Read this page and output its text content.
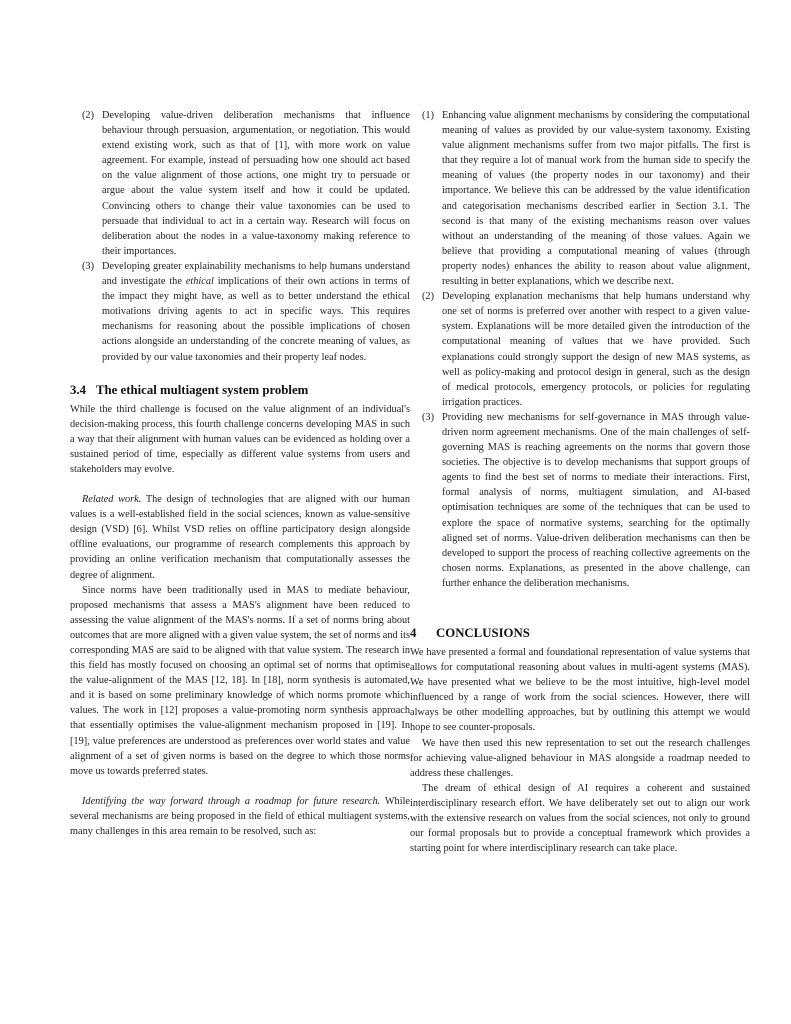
(2) Developing value-driven deliberation mechanisms that influence behaviour through persuasion, argumentation, or negotiation. This would extend existing work, such as that of [1], with more work on value agreement. For example, instead of persuading how one should act based on the value alignment of those actions, one might try to persuade or argue about the value system itself and how it could be updated. Convincing others to change their value taxonomies can be used to persuade that individual to act in a certain way. Research will focus on deliberation about the nodes in a value-taxonomy making reference to their importances.
(3) Developing greater explainability mechanisms to help humans understand and investigate the ethical implications of their own actions in terms of the impact they might have, as well as to better understand the ethical motivations driving agents to act in specific ways. This requires mechanisms for reasoning about the possible implications of chosen actions alongside an understanding of the concrete meaning of values, as provided by our value taxonomies and their property leaf nodes.
3.4 The ethical multiagent system problem

While the third challenge is focused on the value alignment of an individual's decision-making process, this fourth challenge concerns developing MAS in such a way that their alignment with human values can be evidenced as holding over a sustained period of time, especially as different value systems from users and stakeholders may evolve.

Related work. The design of technologies that are aligned with our human values is a well-established field in the social sciences, known as value-sensitive design (VSD) [6]. Whilst VSD relies on offline participatory design alongside offline evaluations, our programme of research complements this approach by providing an online verification mechanism that computationally assesses the degree of alignment.

Since norms have been traditionally used in MAS to mediate behaviour, proposed mechanisms that assess a MAS's alignment have been reduced to assessing the value alignment of the MAS's norms. If a set of norms bring about outcomes that are more aligned with a given value system, the set of norms and its corresponding MAS are said to be aligned with that value system. The research in this field has mostly focused on choosing an optimal set of norms that optimise the value-alignment of the MAS [12, 18]. In [18], norm synthesis is automated, and it is based on some preliminary knowledge of which norms promote which values. The work in [12] proposes a value-promoting norm synthesis approach that essentially optimises the value-alignment mechanism proposed in [19]. In [19], value preferences are understood as preferences over world states and value alignment of a set of given norms is based on the degree to which those norms move us towards preferred states.

Identifying the way forward through a roadmap for future research. While several mechanisms are being proposed in the field of ethical multiagent systems, many challenges in this area remain to be resolved, such as:

(1) Enhancing value alignment mechanisms by considering the computational meaning of values as provided by our value-system taxonomy. Existing value alignment mechanisms suffer from two major pitfalls. The first is that they require a lot of manual work from the human side to specify the meaning of values (the property nodes in our taxonomy) and their importance. We believe this can be addressed by the value identification and categorisation mechanisms described earlier in Section 3.1. The second is that many of the existing mechanisms reason over values without an understanding of the meaning of those values. Again we believe that providing a computational meaning of values (through property nodes) enhances the ability to reason about value alignment, resulting in better explanations, which we describe next.
(2) Developing explanation mechanisms that help humans understand why one set of norms is preferred over another with respect to a given value-system. Explanations will be more detailed given the introduction of the computational meaning of values that we have provided. Such explanations could strongly support the design of new MAS systems, as well as policy-making and protocol design in general, such as the design of medical protocols, emergency protocols, or policies for regulating irrigation practices.
(3) Providing new mechanisms for self-governance in MAS through value-driven norm agreement mechanisms. One of the main challenges of self-governing MAS is reaching agreements on the norms that govern those societies. The objective is to develop mechanisms that support groups of agents to find the best set of norms to mediate their interactions. First, formal analysis of norms, multiagent simulation, and AI-based optimisation techniques are some of the techniques that can be used to explore the space of normative systems, searching for the optimally aligned set of norms. Value-driven deliberation mechanisms can then be developed to support the process of reaching collective agreements on the chosen norms. Explanations, as presented in the above challenge, can further enhance the deliberation mechanisms.
4 CONCLUSIONS

We have presented a formal and foundational representation of value systems that allows for computational reasoning about values in multi-agent systems (MAS). We have presented what we believe to be the most intuitive, high-level model influenced by a range of work from the social sciences. However, there will always be other modelling approaches, but by outlining this attempt we would hope to see counter-proposals.

We have then used this new representation to set out the research challenges for achieving value-aligned behaviour in MAS alongside a roadmap needed to address these challenges.

The dream of ethical design of AI requires a coherent and sustained interdisciplinary research effort. We have deliberately set out to align our work with the extensive research on values from the social sciences, not only to ground our formal proposals but to provide a conceptual framework which provides a starting point for where interdisciplinary research can take place.
